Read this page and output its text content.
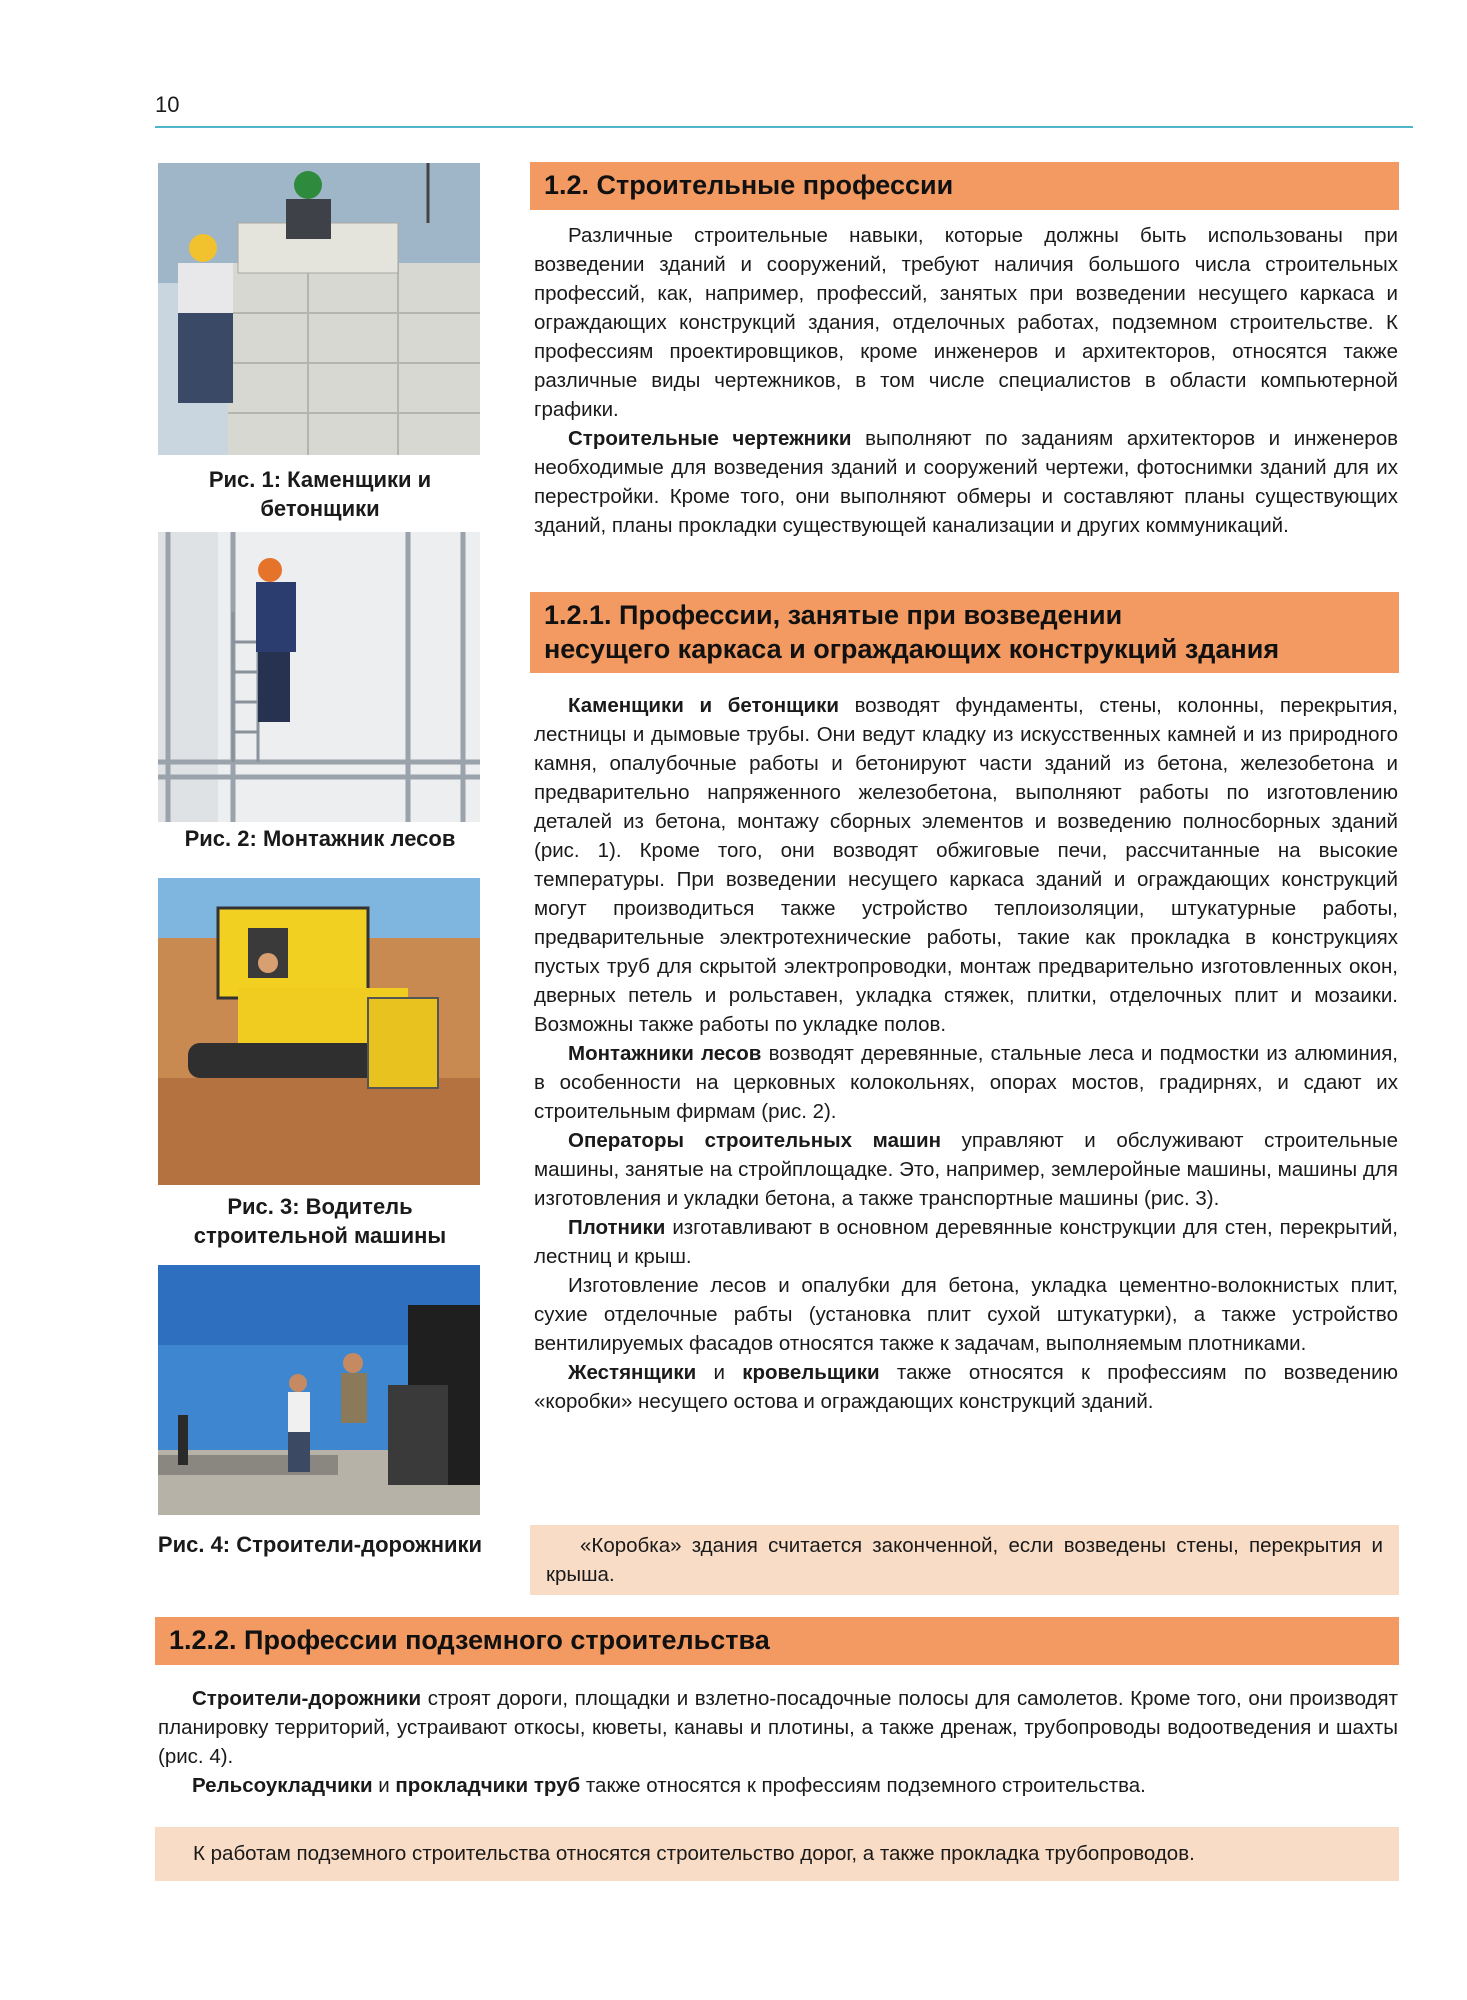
10
Рис. 1: Каменщики и бетонщики
Рис. 2: Монтажник лесов
Рис. 3: Водитель строительной машины
Рис. 4: Строители-дорожники
1.2. Строительные профессии

Различные строительные навыки, которые должны быть использованы при возведении зданий и сооружений, требуют наличия большого числа строительных профессий, как, например, профессий, занятых при возведении несущего каркаса и ограждающих конструкций здания, отделочных работах, подземном строительстве. К профессиям проектировщиков, кроме инженеров и архитекторов, относятся также различные виды чертежников, в том числе специалистов в области компьютерной графики.

Строительные чертежники выполняют по заданиям архитекторов и инженеров необходимые для возведения зданий и сооружений чертежи, фотоснимки зданий для их перестройки. Кроме того, они выполняют обмеры и составляют планы существующих зданий, планы прокладки существующей канализации и других коммуникаций.

1.2.1. Профессии, занятые при возведении
несущего каркаса и ограждающих конструкций здания

Каменщики и бетонщики возводят фундаменты, стены, колонны, перекрытия, лестницы и дымовые трубы. Они ведут кладку из искусственных камней и из природного камня, опалубочные работы и бетонируют части зданий из бетона, железобетона и предварительно напряженного железобетона, выполняют работы по изготовлению деталей из бетона, монтажу сборных элементов и возведению полносборных зданий (рис. 1). Кроме того, они возводят обжиговые печи, рассчитанные на высокие температуры. При возведении несущего каркаса зданий и ограждающих конструкций могут производиться также устройство теплоизоляции, штукатурные работы, предварительные электротехнические работы, такие как прокладка в конструкциях пустых труб для скрытой электропроводки, монтаж предварительно изготовленных окон, дверных петель и рольставен, укладка стяжек, плитки, отделочных плит и мозаики. Возможны также работы по укладке полов.

Монтажники лесов возводят деревянные, стальные леса и подмостки из алюминия, в особенности на церковных колокольнях, опорах мостов, градирнях, и сдают их строительным фирмам (рис. 2).

Операторы строительных машин управляют и обслуживают строительные машины, занятые на стройплощадке. Это, например, землеройные машины, машины для изготовления и укладки бетона, а также транспортные машины (рис. 3).

Плотники изготавливают в основном деревянные конструкции для стен, перекрытий, лестниц и крыш.

Изготовление лесов и опалубки для бетона, укладка цементно-волокнистых плит, сухие отделочные рабты (установка плит сухой штукатурки), а также устройство вентилируемых фасадов относятся также к задачам, выполняемым плотниками.

Жестянщики и кровельщики также относятся к профессиям по возведению «коробки» несущего остова и ограждающих конструкций зданий.

«Коробка» здания считается законченной, если возведены стены, перекрытия и крыша.
1.2.2. Профессии подземного строительства

Строители-дорожники строят дороги, площадки и взлетно-посадочные полосы для самолетов. Кроме того, они производят планировку территорий, устраивают откосы, кюветы, канавы и плотины, а также дренаж, трубопроводы водоотведения и шахты (рис. 4).

Рельсоукладчики и прокладчики труб также относятся к профессиям подземного строительства.

К работам подземного строительства относятся строительство дорог, а также прокладка трубопроводов.
